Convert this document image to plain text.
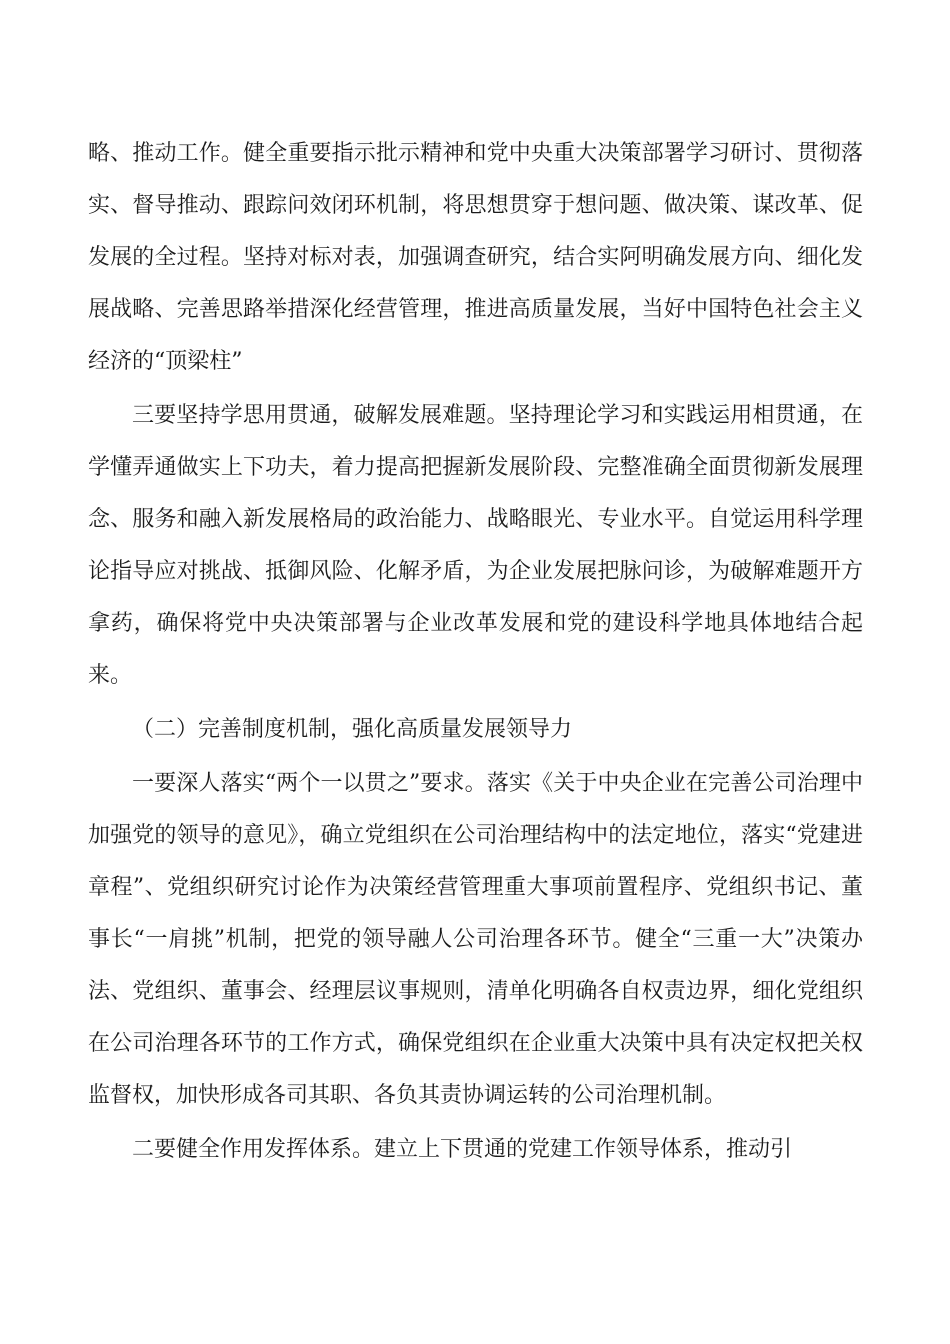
略、推动工作。健全重要指示批示精神和党中央重大决策部署学习研讨、贯彻落实、督导推动、跟踪问效闭环机制，将思想贯穿于想问题、做决策、谋改革、促发展的全过程。坚持对标对表，加强调查研究，结合实阿明确发展方向、细化发展战略、完善思路举措深化经营管理，推进高质量发展，当好中国特色社会主义经济的“顶梁柱”

三要坚持学思用贯通，破解发展难题。坚持理论学习和实践运用相贯通，在学懂弄通做实上下功夫，着力提高把握新发展阶段、完整准确全面贯彻新发展理念、服务和融入新发展格局的政治能力、战略眼光、专业水平。自觉运用科学理论指导应对挑战、抵御风险、化解矛盾，为企业发展把脉问诊，为破解难题开方拿药，确保将党中央决策部署与企业改革发展和党的建设科学地具体地结合起来。

（二）完善制度机制，强化高质量发展领导力

一要深人落实“两个一以贯之”要求。落实《关于中央企业在完善公司治理中加强党的领导的意见》，确立党组织在公司治理结构中的法定地位，落实“党建进章程”、党组织研究讨论作为决策经营管理重大事项前置程序、党组织书记、董事长“一肩挑”机制，把党的领导融人公司治理各环节。健全“三重一大”决策办法、党组织、董事会、经理层议事规则，清单化明确各自权责边界，细化党组织在公司治理各环节的工作方式，确保党组织在企业重大决策中具有决定权把关权监督权，加快形成各司其职、各负其责协调运转的公司治理机制。

二要健全作用发挥体系。建立上下贯通的党建工作领导体系，推动引
